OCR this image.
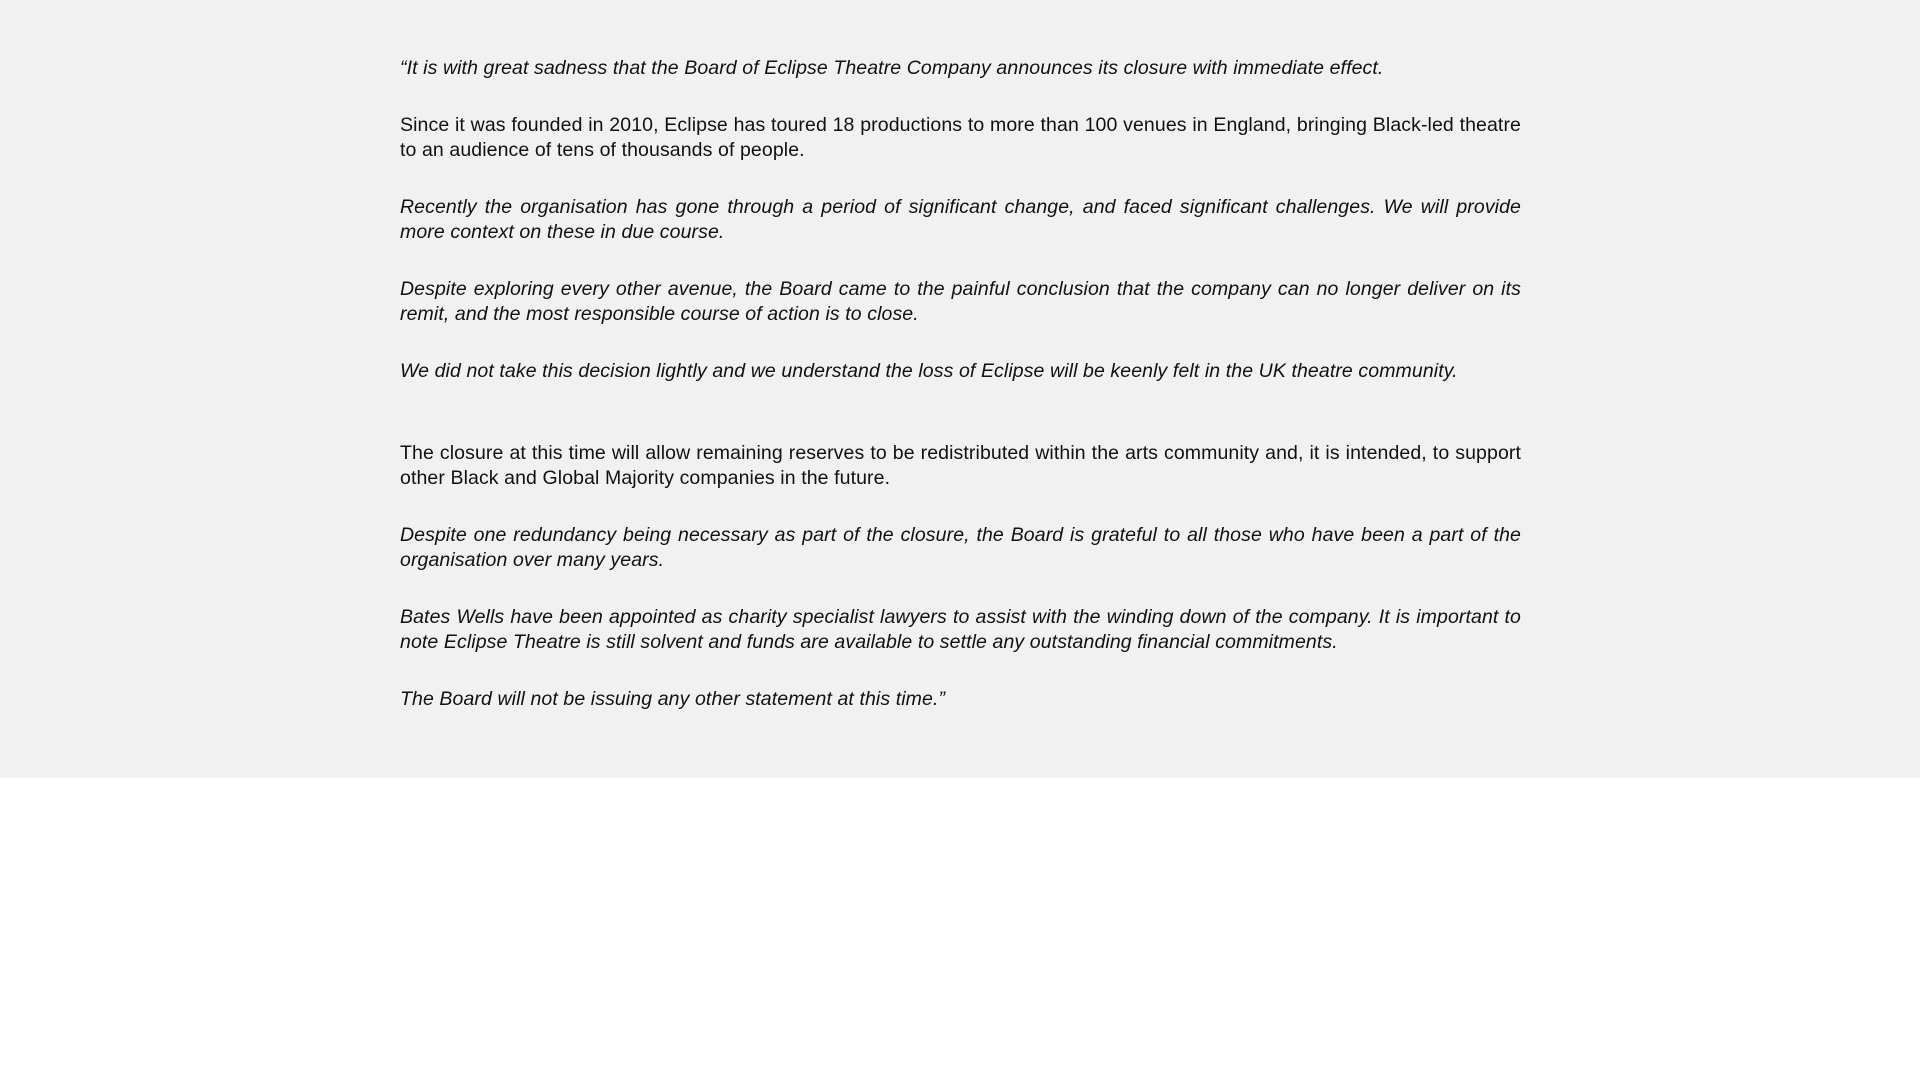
“It is with great sadness that the Board of Eclipse Theatre Company announces its closure with immediate effect.

Since it was founded in 2010, Eclipse has toured 18 productions to more than 100 venues in England, bringing Black-led theatre to an audience of tens of thousands of people.

Recently the organisation has gone through a period of significant change, and faced significant challenges. We will provide more context on these in due course.

Despite exploring every other avenue, the Board came to the painful conclusion that the company can no longer deliver on its remit, and the most responsible course of action is to close.

We did not take this decision lightly and we understand the loss of Eclipse will be keenly felt in the UK theatre community.

The closure at this time will allow remaining reserves to be redistributed within the arts community and, it is intended, to support other Black and Global Majority companies in the future.

Despite one redundancy being necessary as part of the closure, the Board is grateful to all those who have been a part of the organisation over many years.

Bates Wells have been appointed as charity specialist lawyers to assist with the winding down of the company. It is important to note Eclipse Theatre is still solvent and funds are available to settle any outstanding financial commitments.

The Board will not be issuing any other statement at this time.”
